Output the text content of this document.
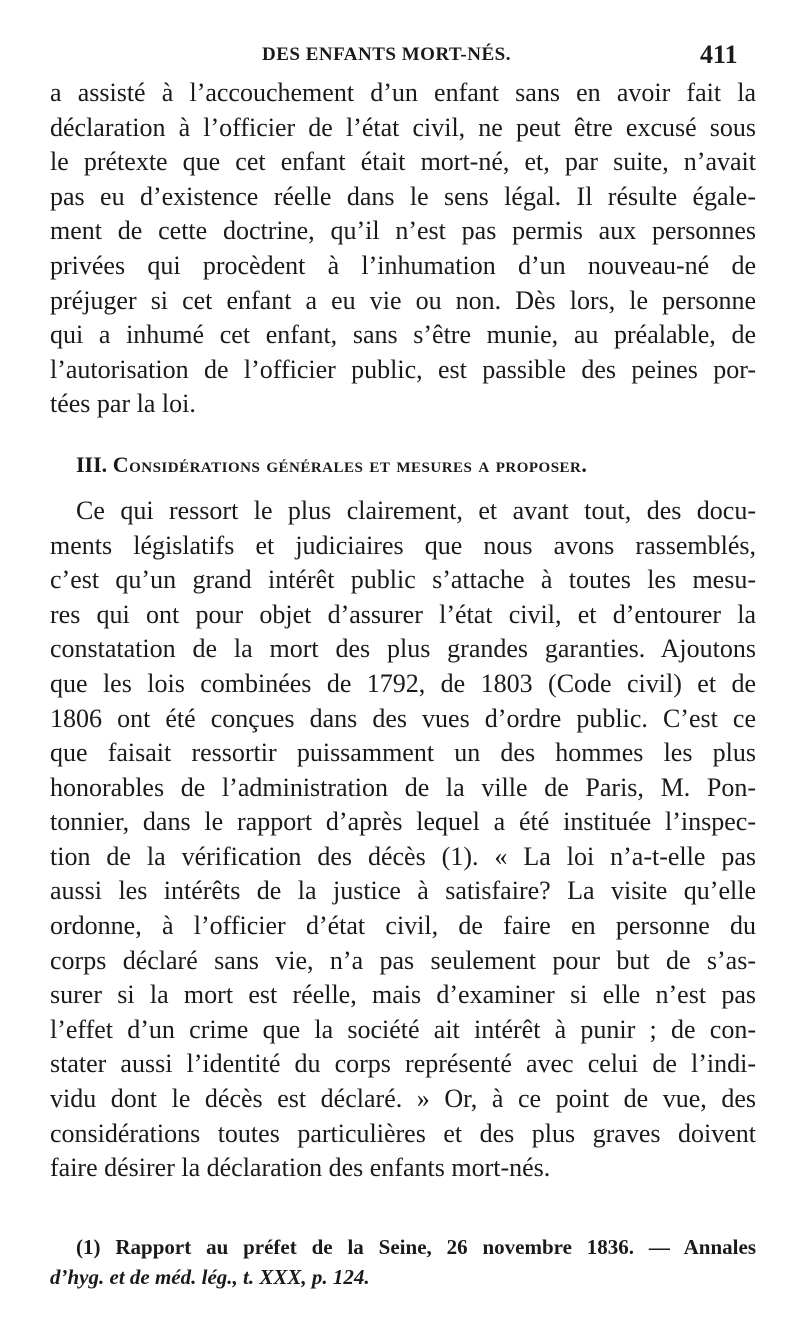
DES ENFANTS MORT-NÉS.	411
a assisté à l’accouchement d’un enfant sans en avoir fait la
déclaration à l’officier de l’état civil, ne peut être excusé sous
le prétexte que cet enfant était mort-né, et, par suite, n’avait
pas eu d’existence réelle dans le sens légal. Il résulte égale-
ment de cette doctrine, qu’il n’est pas permis aux personnes
privées qui procèdent à l’inhumation d’un nouveau-né de
préjuger si cet enfant a eu vie ou non. Dès lors, le personne
qui a inhumé cet enfant, sans s’être munie, au préalable, de
l’autorisation de l’officier public, est passible des peines por-
tées par la loi.
III. Considérations générales et mesures a proposer.
Ce qui ressort le plus clairement, et avant tout, des docu-
ments législatifs et judiciaires que nous avons rassemblés,
c’est qu’un grand intérêt public s’attache à toutes les mesu-
res qui ont pour objet d’assurer l’état civil, et d’entourer la
constatation de la mort des plus grandes garanties. Ajoutons
que les lois combinées de 1792, de 1803 (Code civil) et de
1806 ont été conçues dans des vues d’ordre public. C’est ce
que faisait ressortir puissamment un des hommes les plus
honorables de l’administration de la ville de Paris, M. Pon-
tonnier, dans le rapport d’après lequel a été instituée l’inspec-
tion de la vérification des décès (1). « La loi n’a-t-elle pas
aussi les intérêts de la justice à satisfaire? La visite qu’elle
ordonne, à l’officier d’état civil, de faire en personne du
corps déclaré sans vie, n’a pas seulement pour but de s’as-
surer si la mort est réelle, mais d’examiner si elle n’est pas
l’effet d’un crime que la société ait intérêt à punir ; de con-
stater aussi l’identité du corps représenté avec celui de l’indi-
vidu dont le décès est déclaré. » Or, à ce point de vue, des
considérations toutes particulières et des plus graves doivent
faire désirer la déclaration des enfants mort-nés.
(1) Rapport au préfet de la Seine, 26 novembre 1836. — Annales
d’hyg. et de méd. lég., t. XXX, p. 124.
